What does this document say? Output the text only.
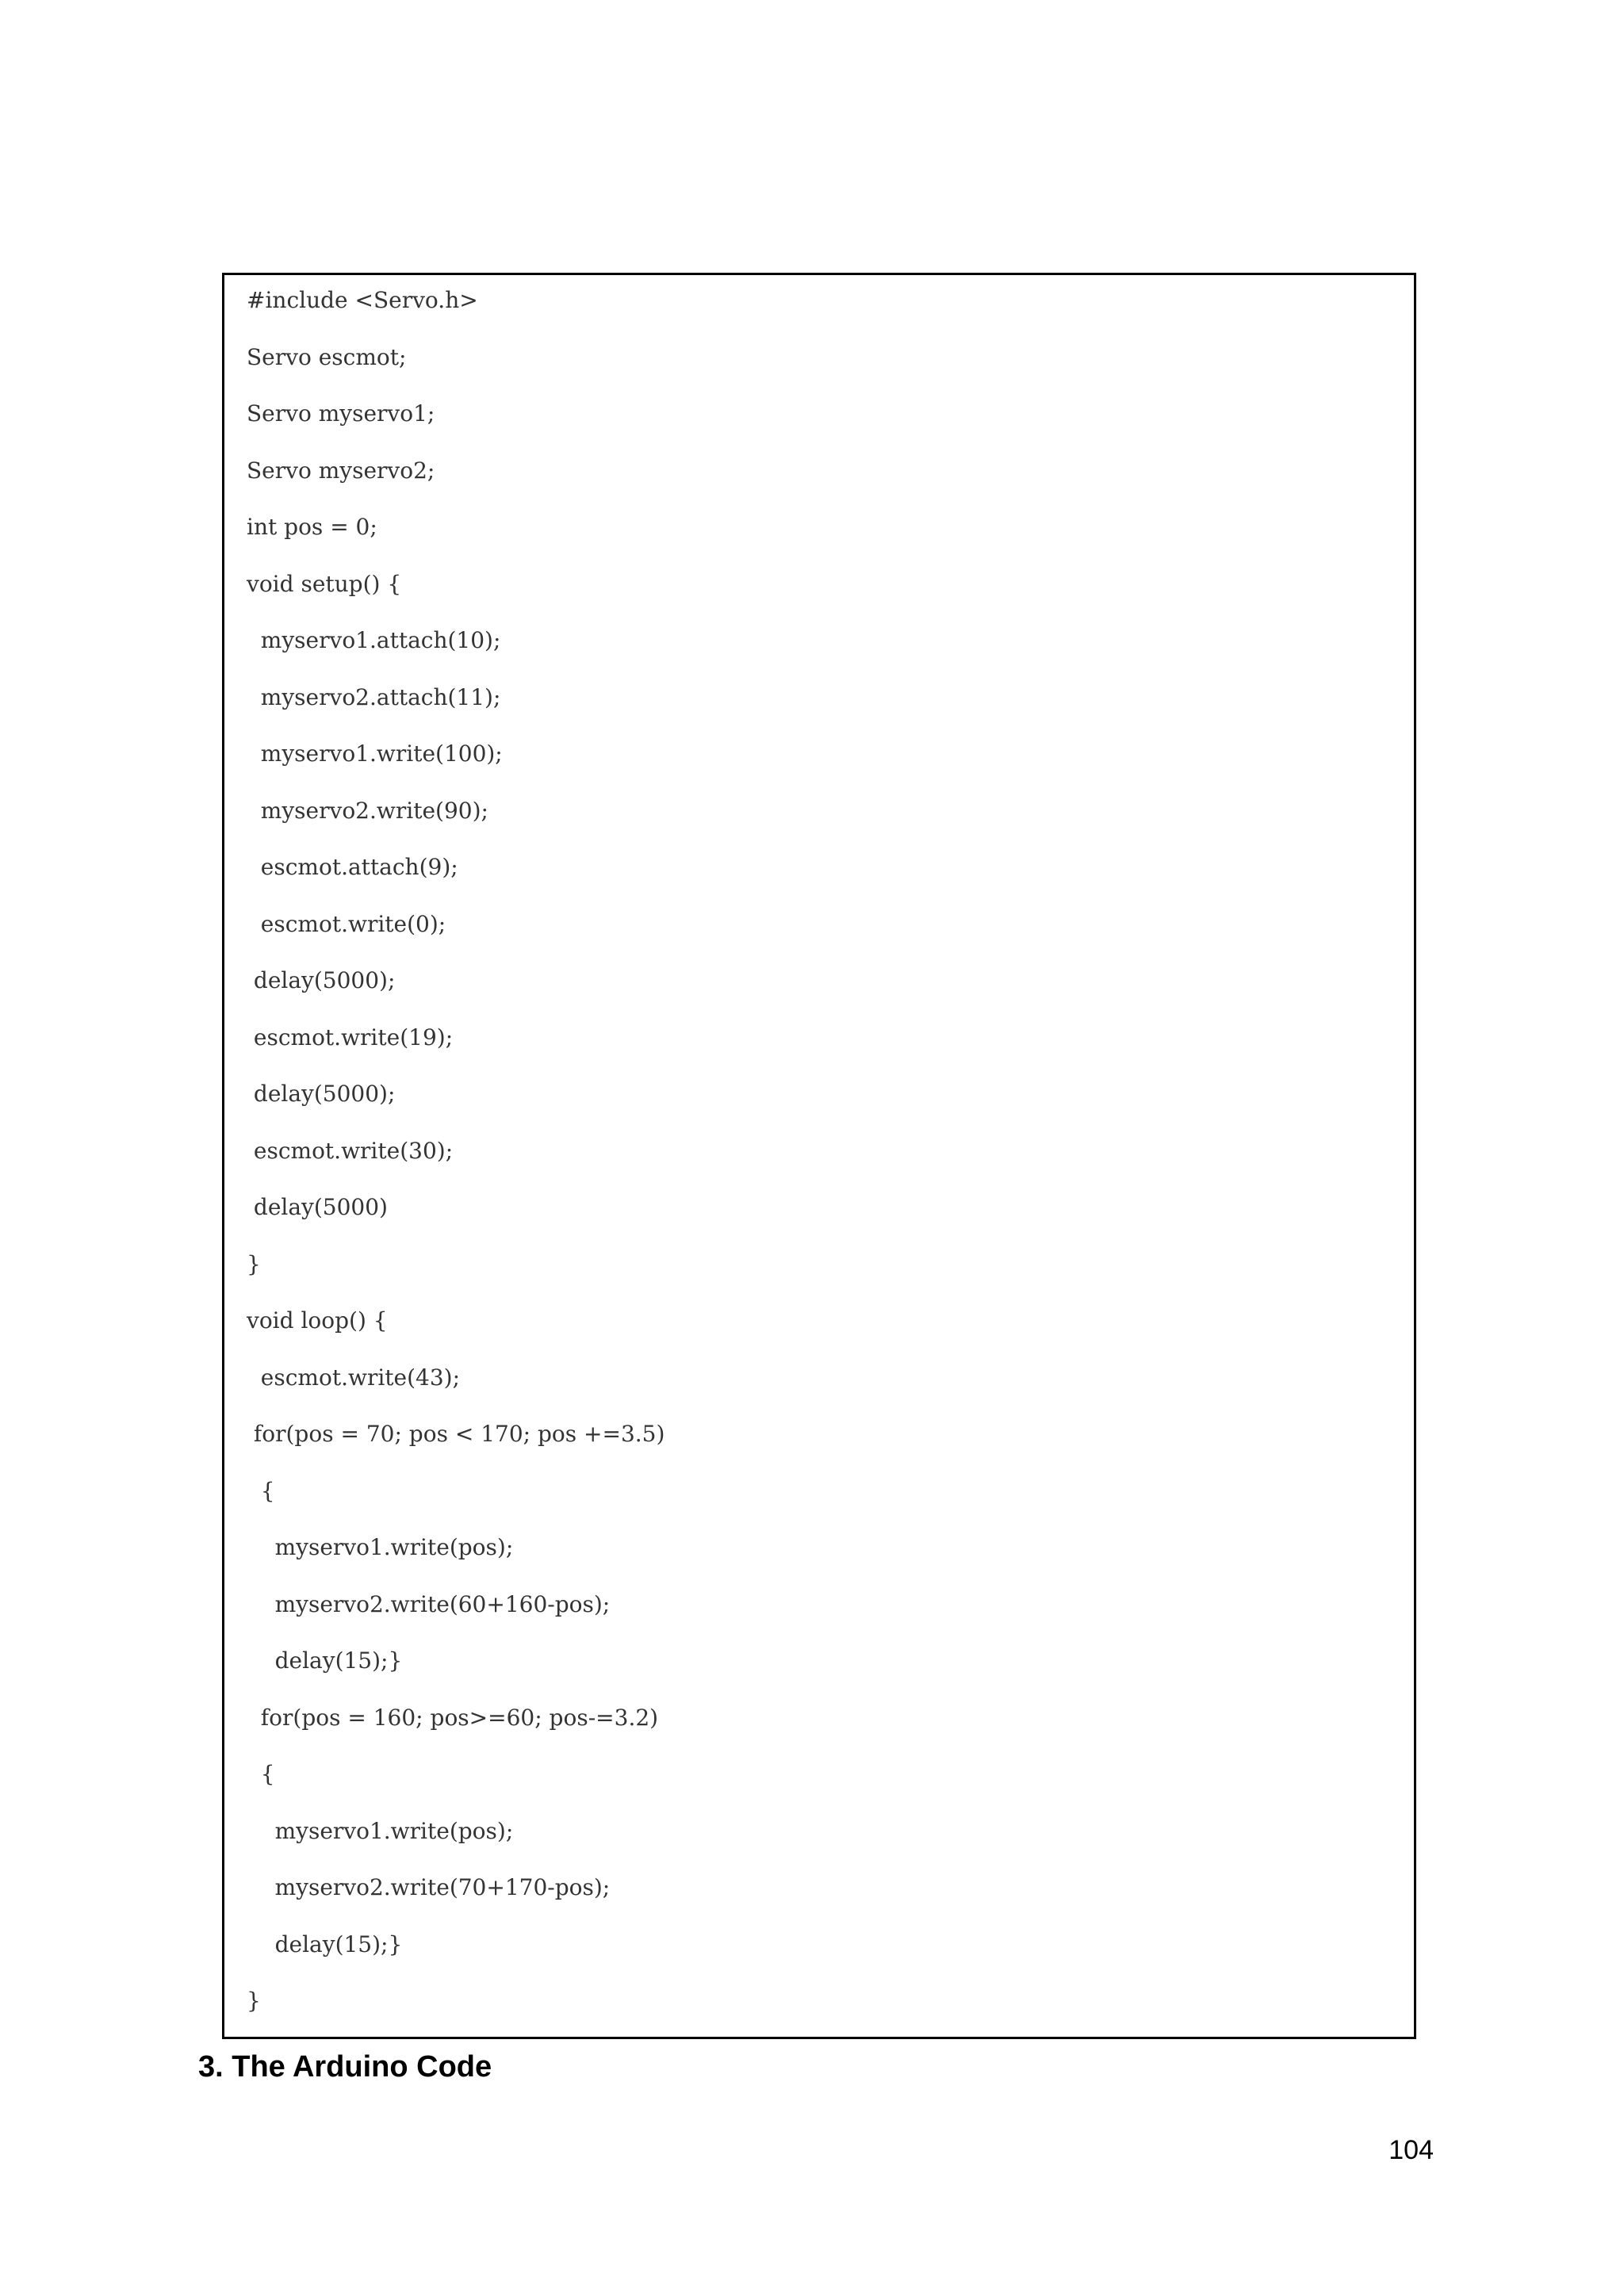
#include <Servo.h>
Servo escmot;
Servo myservo1;
Servo myservo2;
int pos = 0;
void setup() {
myservo1.attach(10);
myservo2.attach(11);
myservo1.write(100);
myservo2.write(90);
escmot.attach(9);
escmot.write(0);
delay(5000);
escmot.write(19);
delay(5000);
escmot.write(30);
delay(5000)
}
void loop() {
escmot.write(43);
for(pos = 70; pos < 170; pos +=3.5)
{
myservo1.write(pos);
myservo2.write(60+160-pos);
delay(15);}
for(pos = 160; pos>=60; pos-=3.2)
{
myservo1.write(pos);
myservo2.write(70+170-pos);
delay(15);}
}
3. The Arduino Code
104
